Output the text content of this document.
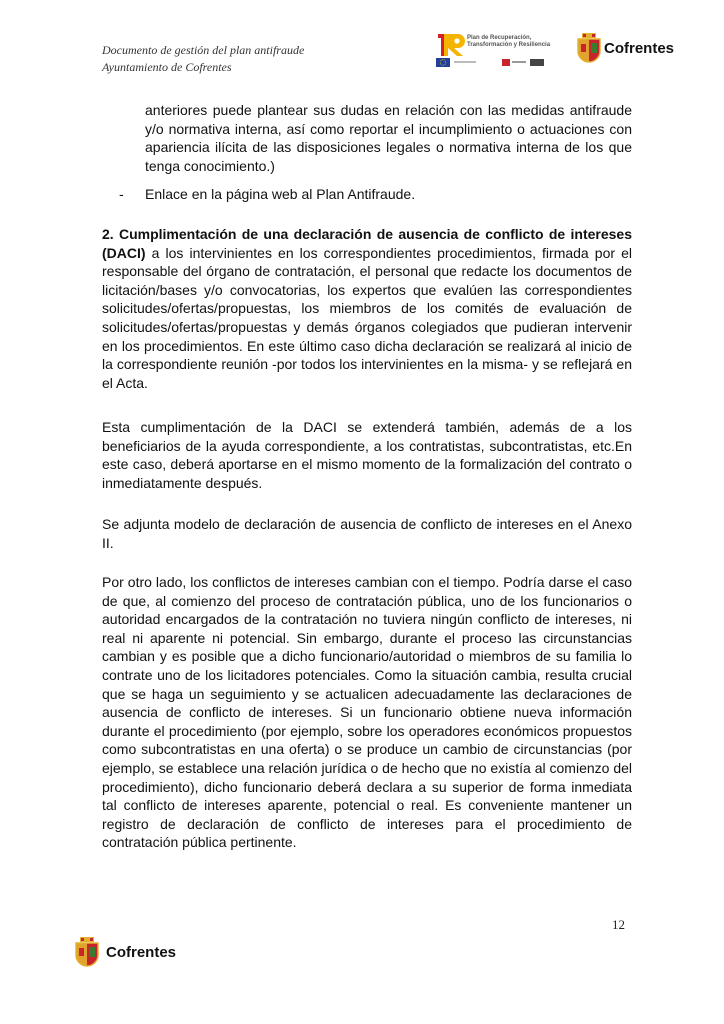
Documento de gestión del plan antifraude
Ayuntamiento de Cofrentes
Plan de Recuperación,
Transformación y Resiliencia	Cofrentes
anteriores puede plantear sus dudas en relación con las medidas antifraude y/o normativa interna, así como reportar el incumplimiento o actuaciones con apariencia ilícita de las disposiciones legales o normativa interna de los que tenga conocimiento.)
- Enlace en la página web al Plan Antifraude.

2. Cumplimentación de una declaración de ausencia de conflicto de intereses (DACI) a los intervinientes en los correspondientes procedimientos, firmada por el responsable del órgano de contratación, el personal que redacte los documentos de licitación/bases y/o convocatorias, los expertos que evalúen las correspondientes solicitudes/ofertas/propuestas, los miembros de los comités de evaluación de solicitudes/ofertas/propuestas y demás órganos colegiados que pudieran intervenir en los procedimientos. En este último caso dicha declaración se realizará al inicio de la correspondiente reunión -por todos los intervinientes en la misma- y se reflejará en el Acta.

Esta cumplimentación de la DACI se extenderá también, además de a los beneficiarios de la ayuda correspondiente, a los contratistas, subcontratistas, etc.En este caso, deberá aportarse en el mismo momento de la formalización del contrato o inmediatamente después.
Se adjunta modelo de declaración de ausencia de conflicto de intereses en el Anexo II.
Por otro lado, los conflictos de intereses cambian con el tiempo. Podría darse el caso de que, al comienzo del proceso de contratación pública, uno de los funcionarios o autoridad encargados de la contratación no tuviera ningún conflicto de intereses, ni real ni aparente ni potencial. Sin embargo, durante el proceso las circunstancias cambian y es posible que a dicho funcionario/autoridad o miembros de su familia lo contrate uno de los licitadores potenciales. Como la situación cambia, resulta crucial que se haga un seguimiento y se actualicen adecuadamente las declaraciones de ausencia de conflicto de intereses. Si un funcionario obtiene nueva información durante el procedimiento (por ejemplo, sobre los operadores económicos propuestos como subcontratistas en una oferta) o se produce un cambio de circunstancias (por ejemplo, se establece una relación jurídica o de hecho que no existía al comienzo del procedimiento), dicho funcionario deberá declara a su superior de forma inmediata tal conflicto de intereses aparente, potencial o real. Es conveniente mantener un registro de declaración de conflicto de intereses para el procedimiento de contratación pública pertinente.
12
Cofrentes
